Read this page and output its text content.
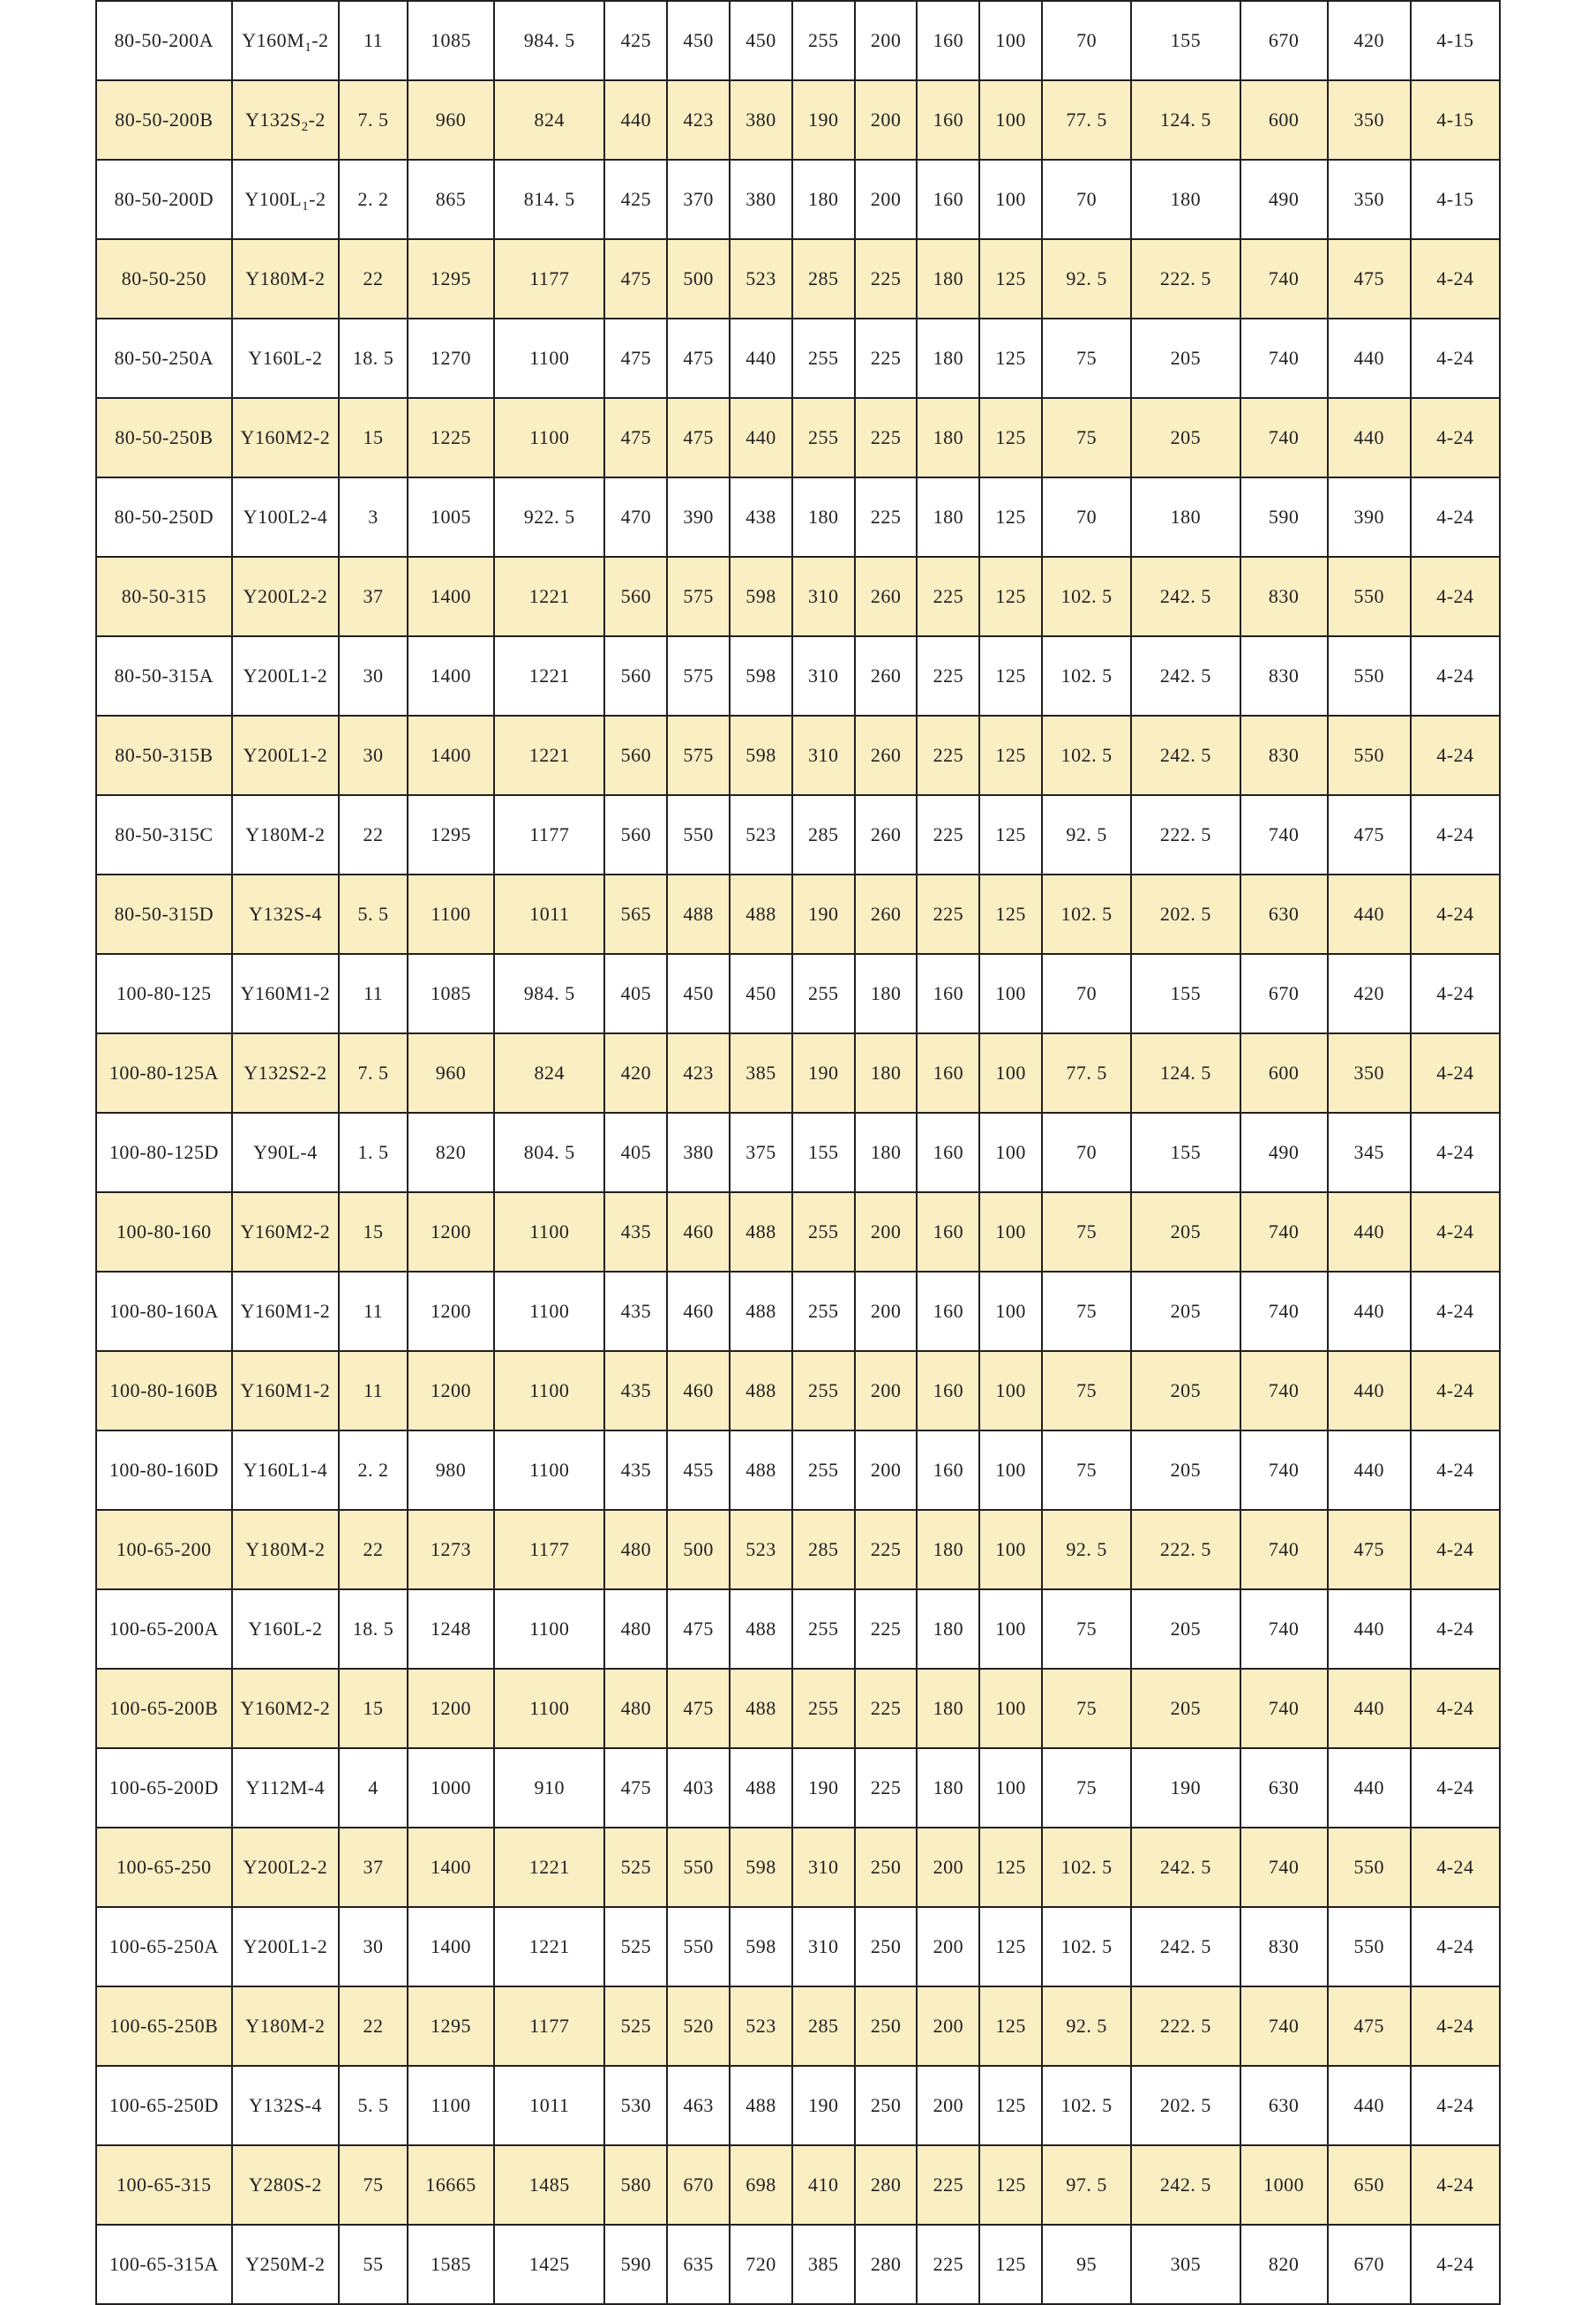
80-50-200A	$Y160M_1-2$	11	1085	984. 5	425	450	450	255	200	160	100	70	155	670	420	4-15
80-50-200B	$Y132S_2-2$	7. 5	960	824	440	423	380	190	200	160	100	77. 5	124. 5	600	350	4-15
80-50-200D	$Y100L_1-2$	2. 2	865	814. 5	425	370	380	180	200	160	100	70	180	490	350	4-15
80-50-250	Y180M-2	22	1295	1177	475	500	523	285	225	180	125	92. 5	222. 5	740	475	4-24
80-50-250A	Y160L-2	18. 5	1270	1100	475	475	440	255	225	180	125	75	205	740	440	4-24
80-50-250B	Y160M2-2	15	1225	1100	475	475	440	255	225	180	125	75	205	740	440	4-24
80-50-250D	Y100L2-4	3	1005	922. 5	470	390	438	180	225	180	125	70	180	590	390	4-24
80-50-315	Y200L2-2	37	1400	1221	560	575	598	310	260	225	125	102. 5	242. 5	830	550	4-24
80-50-315A	Y200L1-2	30	1400	1221	560	575	598	310	260	225	125	102. 5	242. 5	830	550	4-24
80-50-315B	Y200L1-2	30	1400	1221	560	575	598	310	260	225	125	102. 5	242. 5	830	550	4-24
80-50-315C	Y180M-2	22	1295	1177	560	550	523	285	260	225	125	92. 5	222. 5	740	475	4-24
80-50-315D	Y132S-4	5. 5	1100	1011	565	488	488	190	260	225	125	102. 5	202. 5	630	440	4-24
100-80-125	Y160M1-2	11	1085	984. 5	405	450	450	255	180	160	100	70	155	670	420	4-24
100-80-125A	Y132S2-2	7. 5	960	824	420	423	385	190	180	160	100	77. 5	124. 5	600	350	4-24
100-80-125D	Y90L-4	1. 5	820	804. 5	405	380	375	155	180	160	100	70	155	490	345	4-24
100-80-160	Y160M2-2	15	1200	1100	435	460	488	255	200	160	100	75	205	740	440	4-24
100-80-160A	Y160M1-2	11	1200	1100	435	460	488	255	200	160	100	75	205	740	440	4-24
100-80-160B	Y160M1-2	11	1200	1100	435	460	488	255	200	160	100	75	205	740	440	4-24
100-80-160D	Y160L1-4	2. 2	980	1100	435	455	488	255	200	160	100	75	205	740	440	4-24
100-65-200	Y180M-2	22	1273	1177	480	500	523	285	225	180	100	92. 5	222. 5	740	475	4-24
100-65-200A	Y160L-2	18. 5	1248	1100	480	475	488	255	225	180	100	75	205	740	440	4-24
100-65-200B	Y160M2-2	15	1200	1100	480	475	488	255	225	180	100	75	205	740	440	4-24
100-65-200D	Y112M-4	4	1000	910	475	403	488	190	225	180	100	75	190	630	440	4-24
100-65-250	Y200L2-2	37	1400	1221	525	550	598	310	250	200	125	102. 5	242. 5	740	550	4-24
100-65-250A	Y200L1-2	30	1400	1221	525	550	598	310	250	200	125	102. 5	242. 5	830	550	4-24
100-65-250B	Y180M-2	22	1295	1177	525	520	523	285	250	200	125	92. 5	222. 5	740	475	4-24
100-65-250D	Y132S-4	5. 5	1100	1011	530	463	488	190	250	200	125	102. 5	202. 5	630	440	4-24
100-65-315	Y280S-2	75	16665	1485	580	670	698	410	280	225	125	97. 5	242. 5	1000	650	4-24
100-65-315A	Y250M-2	55	1585	1425	590	635	720	385	280	225	125	95	305	820	670	4-24
